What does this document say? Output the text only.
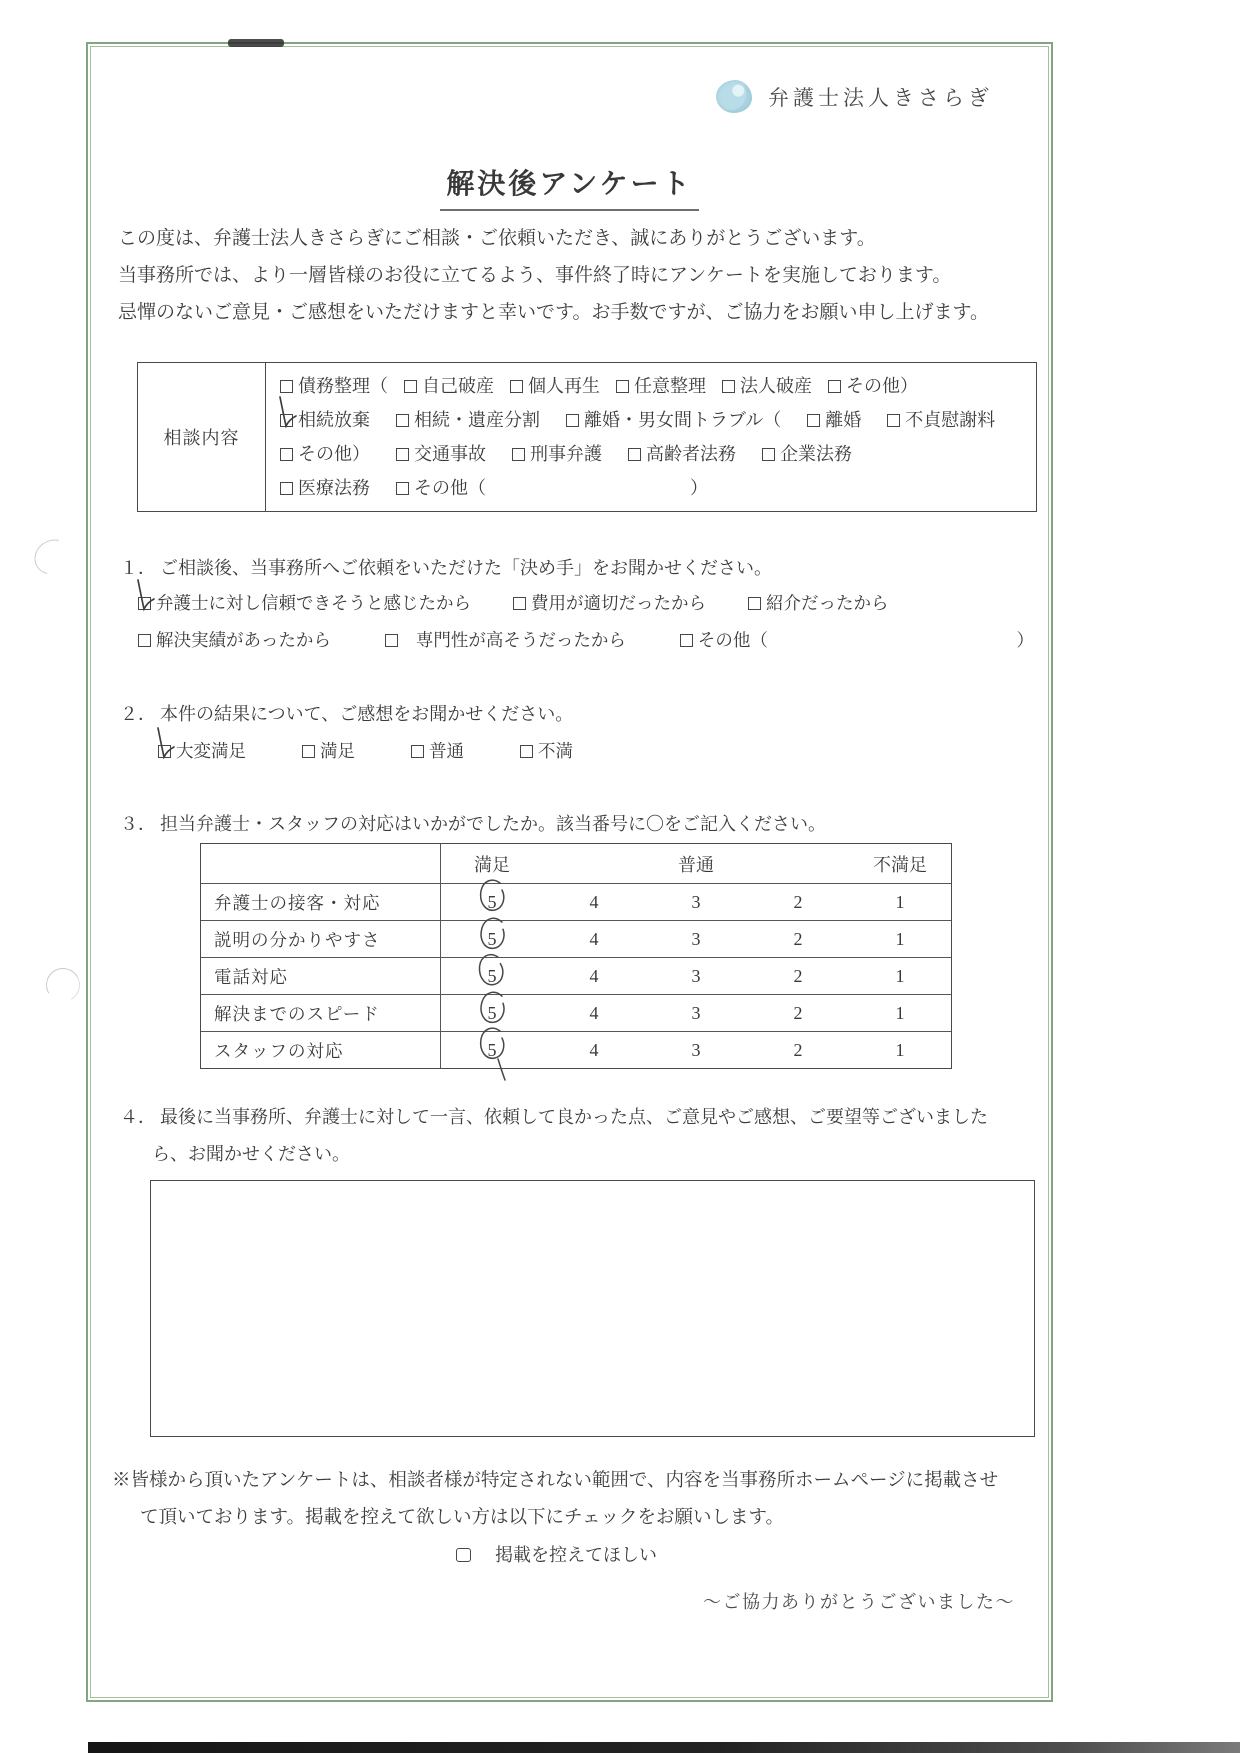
弁護士法人きさらぎ
解決後アンケート
この度は、弁護士法人きさらぎにご相談・ご依頼いただき、誠にありがとうございます。
当事務所では、より一層皆様のお役に立てるよう、事件終了時にアンケートを実施しております。
忌憚のないご意見・ご感想をいただけますと幸いです。お手数ですが、ご協力をお願い申し上げます。
相談内容
債務整理（ 自己破産 個人再生 任意整理 法人破産 その他）
相続放棄 相続・遺産分割 離婚・男女間トラブル（ 離婚 不貞慰謝料
その他） 交通事故 刑事弁護 高齢者法務 企業法務
医療法務 その他（	）
１． ご相談後、当事務所へご依頼をいただけた「決め手」をお聞かせください。
弁護士に対し信頼できそうと感じたから	費用が適切だったから	紹介だったから
解決実績があったから	専門性が高そうだったから	その他（	）
２． 本件の結果について、ご感想をお聞かせください。
大変満足	満足	普通	不満
３． 担当弁護士・スタッフの対応はいかがでしたか。該当番号に〇をご記入ください。
満足	普通	不満足
弁護士の接客・対応	5	4	3	2	1
説明の分かりやすさ	5	4	3	2	1
電話対応	5	4	3	2	1
解決までのスピード	5	4	3	2	1
スタッフの対応	5	4	3	2	1
４． 最後に当事務所、弁護士に対して一言、依頼して良かった点、ご意見やご感想、ご要望等ございました
ら、お聞かせください。
※皆様から頂いたアンケートは、相談者様が特定されない範囲で、内容を当事務所ホームページに掲載させ
て頂いております。掲載を控えて欲しい方は以下にチェックをお願いします。
掲載を控えてほしい
～ご協力ありがとうございました～
